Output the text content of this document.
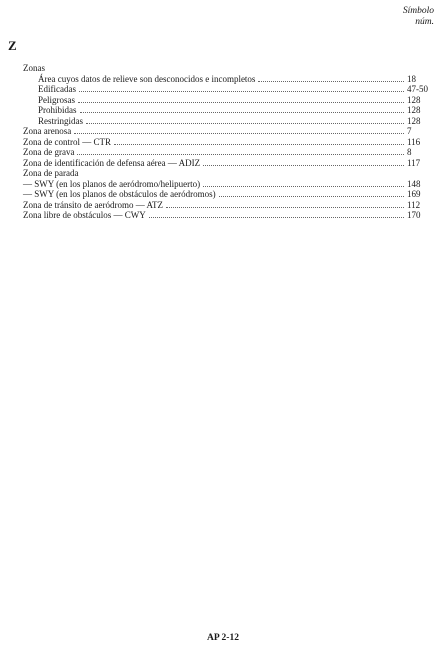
Símbolo
núm.
Z
Zonas
Área cuyos datos de relieve son desconocidos e incompletos	18
Edificadas	47-50
Peligrosas	128
Prohibidas	128
Restringidas	128
Zona arenosa	7
Zona de control — CTR	116
Zona de grava	8
Zona de identificación de defensa aérea — ADIZ	117
Zona de parada
— SWY (en los planos de aeródromo/helipuerto)	148
— SWY (en los planos de obstáculos de aeródromos)	169
Zona de tránsito de aeródromo — ATZ	112
Zona libre de obstáculos — CWY	170
AP 2-12
